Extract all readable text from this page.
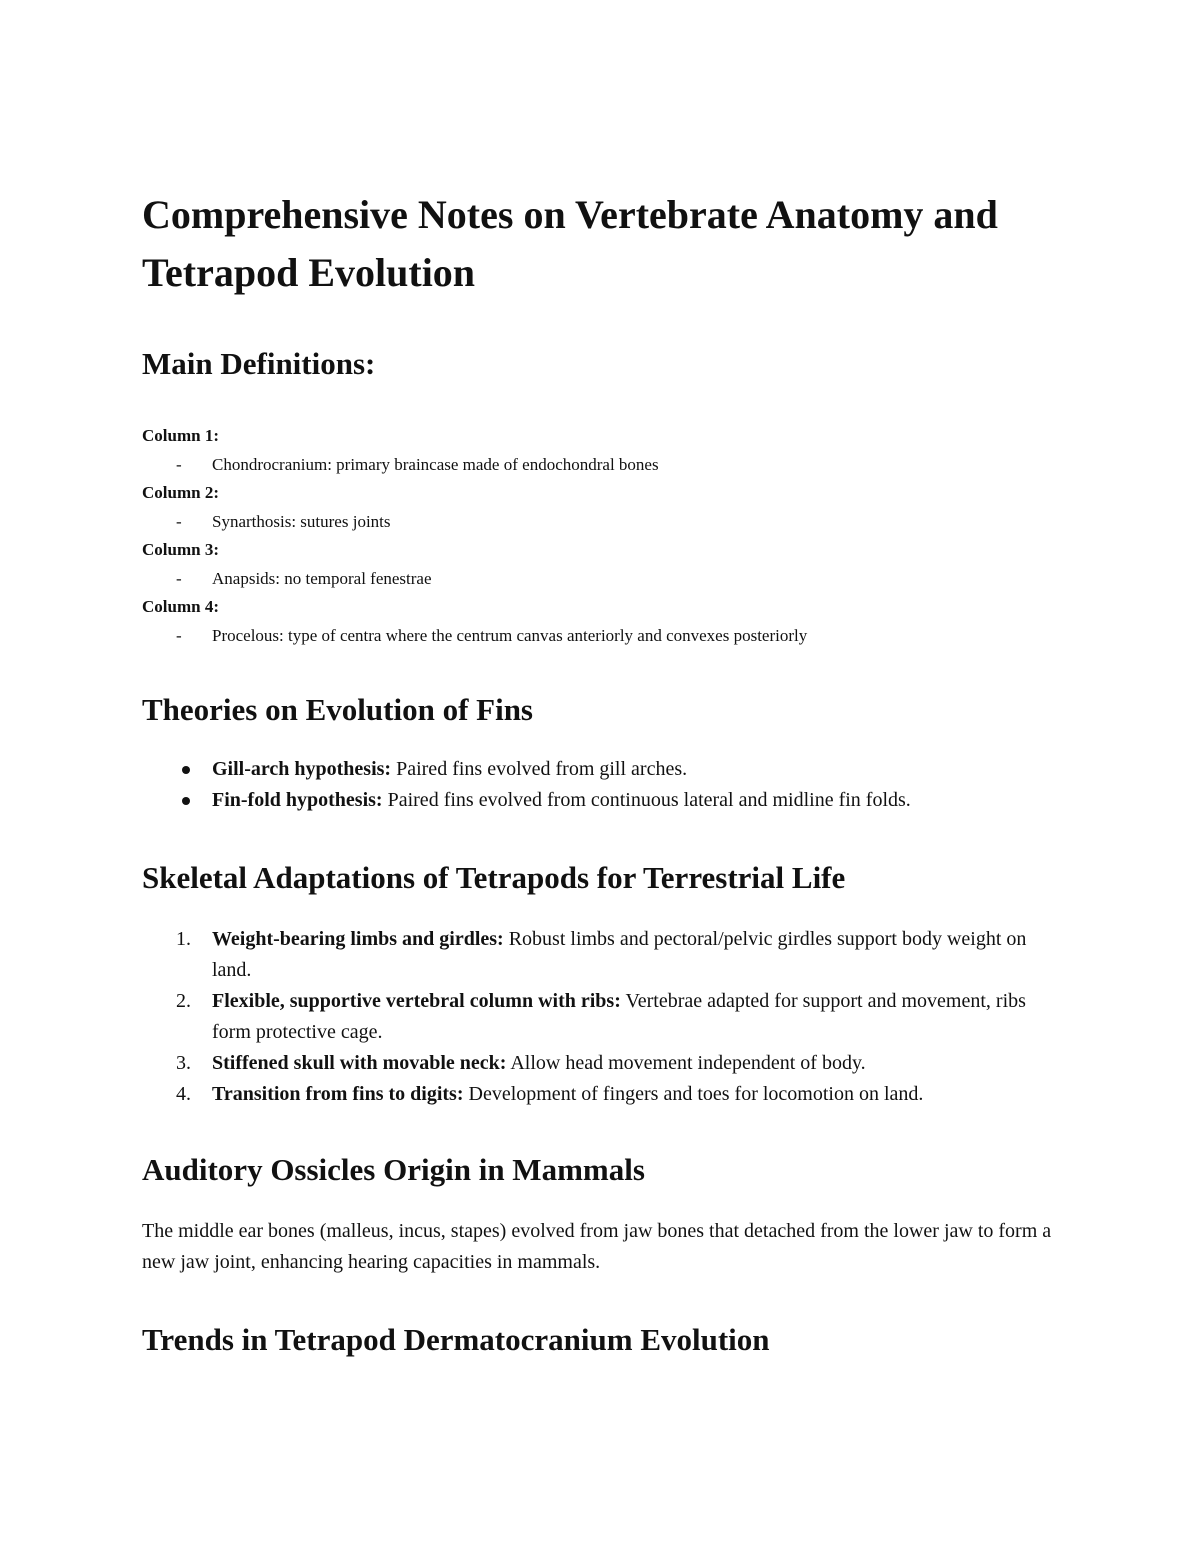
Comprehensive Notes on Vertebrate Anatomy and Tetrapod Evolution
Main Definitions:
Column 1:
- Chondrocranium: primary braincase made of endochondral bones
Column 2:
- Synarthosis: sutures joints
Column 3:
- Anapsids: no temporal fenestrae
Column 4:
- Procelous: type of centra where the centrum canvas anteriorly and convexes posteriorly
Theories on Evolution of Fins
Gill-arch hypothesis: Paired fins evolved from gill arches.
Fin-fold hypothesis: Paired fins evolved from continuous lateral and midline fin folds.
Skeletal Adaptations of Tetrapods for Terrestrial Life
1. Weight-bearing limbs and girdles: Robust limbs and pectoral/pelvic girdles support body weight on land.
2. Flexible, supportive vertebral column with ribs: Vertebrae adapted for support and movement, ribs form protective cage.
3. Stiffened skull with movable neck: Allow head movement independent of body.
4. Transition from fins to digits: Development of fingers and toes for locomotion on land.
Auditory Ossicles Origin in Mammals

The middle ear bones (malleus, incus, stapes) evolved from jaw bones that detached from the lower jaw to form a new jaw joint, enhancing hearing capacities in mammals.

Trends in Tetrapod Dermatocranium Evolution
